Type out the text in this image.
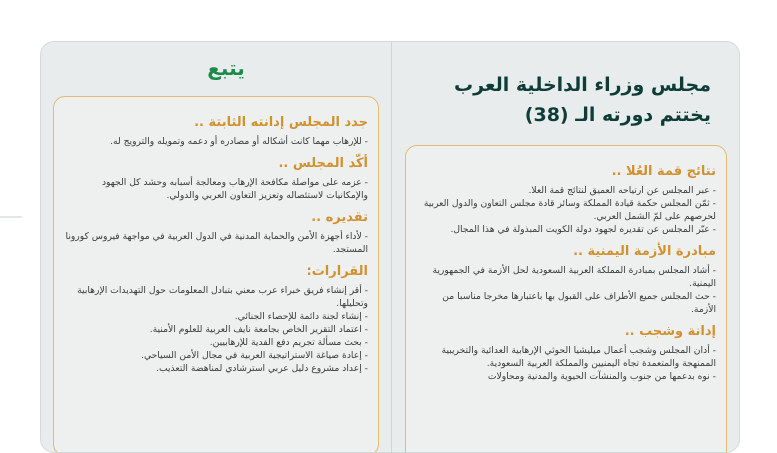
مجلس وزراء الداخلية العرب
يختتم دورته الـ (38)
يتبع
نتائج قمة العُلا ..

- عبر المجلس عن ارتياحه العميق لنتائج قمة العلا.

- ثمّن المجلس حكمة قيادة المملكة وسائر قادة مجلس التعاون والدول العربية لحرصهم على لمّ الشمل العربي.

- عبّر المجلس عن تقديره لجهود دولة الكويت المبذولة في هذا المجال.

مبادرة الأزمة اليمنية ..

- أشاد المجلس بمبادرة المملكة العربية السعودية لحل الأزمة في الجمهورية اليمنية.

- حث المجلس جميع الأطراف على القبول بها باعتبارها مخرجا مناسبا من الأزمة.

إدانة وشجب ..

- أدان المجلس وشجب أعمال ميليشيا الحوثي الإرهابية العدائية والتخريبية الممنهجة والمتعمدة تجاه اليمنيين والمملكة العربية السعودية.

- نوه بدعمها من جنوب والمنشآت الحيوية والمدنية ومحاولات

جدد المجلس إدانته الثابتة ..

- للإرهاب مهما كانت أشكاله أو مصادره أو دعمه وتمويله والترويج له.

أكّد المجلس ..

- عزمه على مواصلة مكافحة الإرهاب ومعالجة أسبابه وحشد كل الجهود والإمكانيات لاستئصاله وتعزيز التعاون العربي والدولي.

تقديره ..

- لأداء أجهزة الأمن والحماية المدنية في الدول العربية في مواجهة فيروس كورونا المستجد.

القرارات:

- أقر إنشاء فريق خبراء عرب معني بتبادل المعلومات حول التهديدات الإرهابية وتحليلها.

- إنشاء لجنة دائمة للإحصاء الجنائي.

- اعتماد التقرير الخاص بجامعة نايف العربية للعلوم الأمنية.

- بحث مسألة تجريم دفع الفدية للإرهابيين.

- إعادة صياغة الاستراتيجية العربية في مجال الأمن السياحي.

- إعداد مشروع دليل عربي استرشادي لمناهضة التعذيب.
